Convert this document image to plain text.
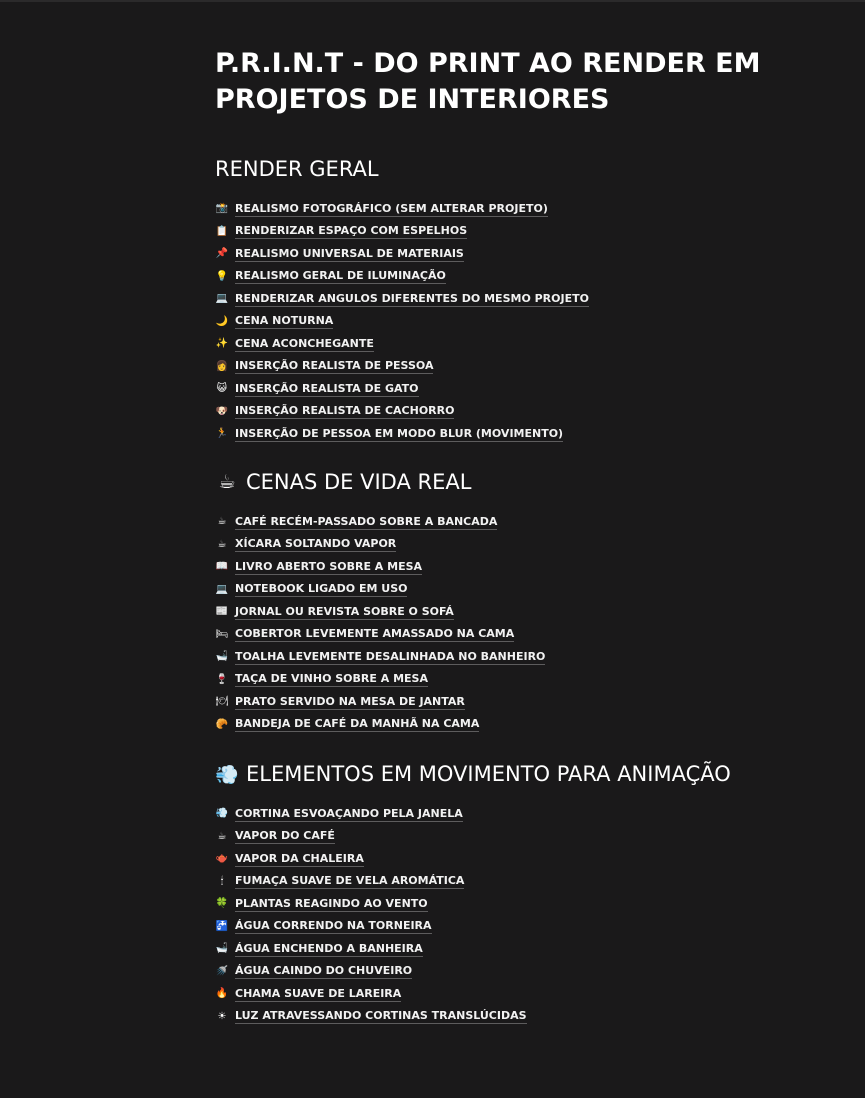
P.R.I.N.T - DO PRINT AO RENDER EM PROJETOS DE INTERIORES
RENDER GERAL
📸 REALISMO FOTOGRÁFICO (SEM ALTERAR PROJETO)
📋 RENDERIZAR ESPAÇO COM ESPELHOS
📌 REALISMO UNIVERSAL DE MATERIAIS
💡 REALISMO GERAL DE ILUMINAÇÃO
💻 RENDERIZAR ANGULOS DIFERENTES DO MESMO PROJETO
🌙 CENA NOTURNA
✨ CENA ACONCHEGANTE
👩 INSERÇÃO REALISTA DE PESSOA
😺 INSERÇÃO REALISTA DE GATO
🐶 INSERÇÃO REALISTA DE CACHORRO
🏃 INSERÇÃO DE PESSOA EM MODO BLUR (MOVIMENTO)
☕ CENAS DE VIDA REAL
☕ CAFÉ RECÉM-PASSADO SOBRE A BANCADA
☕ XÍCARA SOLTANDO VAPOR
📖 LIVRO ABERTO SOBRE A MESA
💻 NOTEBOOK LIGADO EM USO
📰 JORNAL OU REVISTA SOBRE O SOFÁ
🛏 COBERTOR LEVEMENTE AMASSADO NA CAMA
🛁 TOALHA LEVEMENTE DESALINHADA NO BANHEIRO
🍷 TAÇA DE VINHO SOBRE A MESA
🍽 PRATO SERVIDO NA MESA DE JANTAR
🥐 BANDEJA DE CAFÉ DA MANHÃ NA CAMA
💨 ELEMENTOS EM MOVIMENTO PARA ANIMAÇÃO
💨 CORTINA ESVOAÇANDO PELA JANELA
☕ VAPOR DO CAFÉ
🫖 VAPOR DA CHALEIRA
🕯	FUMAÇA SUAVE DE VELA AROMÁTICA
🍀 PLANTAS REAGINDO AO VENTO
🚰 ÁGUA CORRENDO NA TORNEIRA
🛁 ÁGUA ENCHENDO A BANHEIRA
🚿 ÁGUA CAINDO DO CHUVEIRO
🔥 CHAMA SUAVE DE LAREIRA
☀ LUZ ATRAVESSANDO CORTINAS TRANSLÚCIDAS
